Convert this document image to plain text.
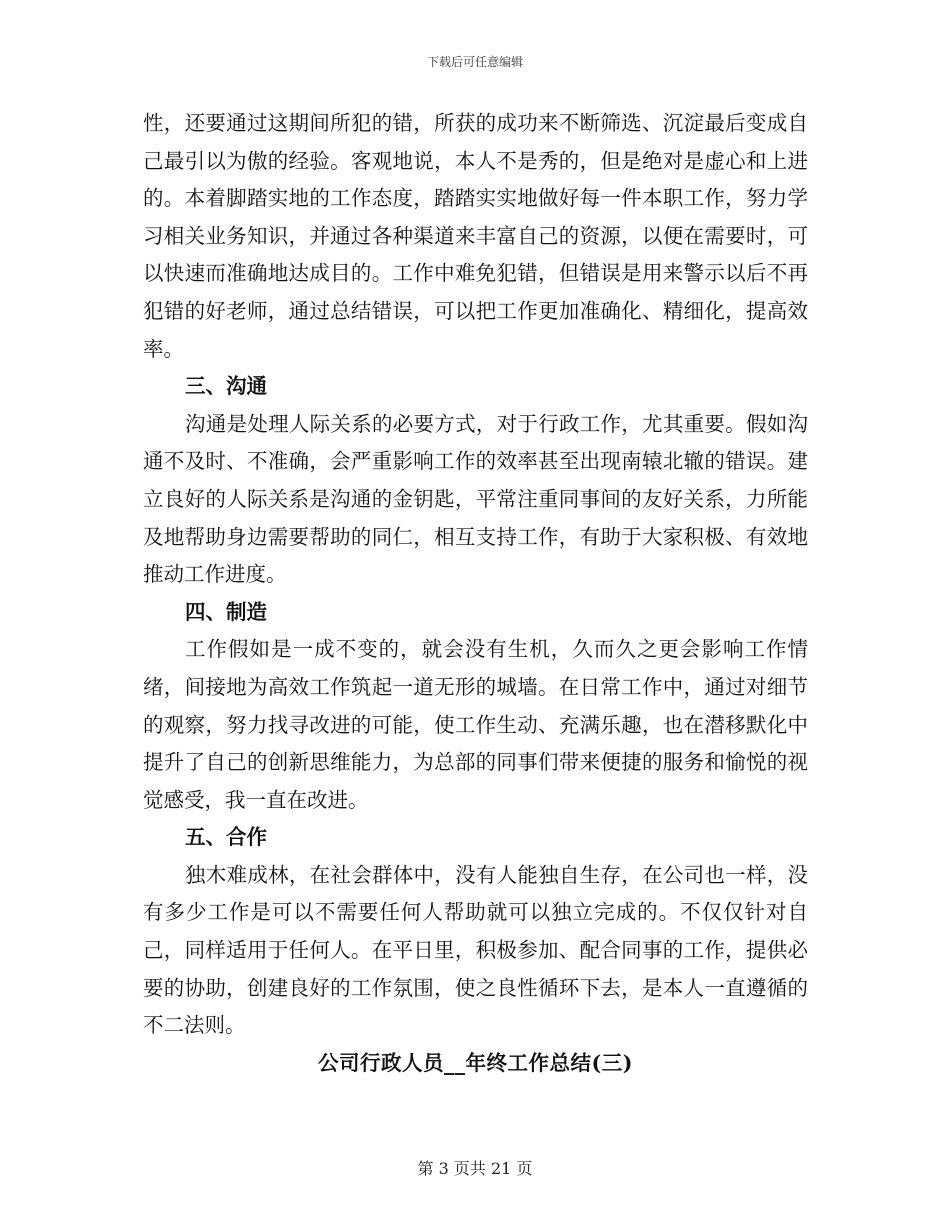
下载后可任意编辑

性，还要通过这期间所犯的错，所获的成功来不断筛选、沉淀最后变成自己最引以为傲的经验。客观地说，本人不是秀的，但是绝对是虚心和上进的。本着脚踏实地的工作态度，踏踏实实地做好每一件本职工作，努力学习相关业务知识，并通过各种渠道来丰富自己的资源，以便在需要时，可以快速而准确地达成目的。工作中难免犯错，但错误是用来警示以后不再犯错的好老师，通过总结错误，可以把工作更加准确化、精细化，提高效率。

三、沟通

沟通是处理人际关系的必要方式，对于行政工作，尤其重要。假如沟通不及时、不准确，会严重影响工作的效率甚至出现南辕北辙的错误。建立良好的人际关系是沟通的金钥匙，平常注重同事间的友好关系，力所能及地帮助身边需要帮助的同仁，相互支持工作，有助于大家积极、有效地推动工作进度。

四、制造

工作假如是一成不变的，就会没有生机，久而久之更会影响工作情绪，间接地为高效工作筑起一道无形的城墙。在日常工作中，通过对细节的观察，努力找寻改进的可能，使工作生动、充满乐趣，也在潜移默化中提升了自己的创新思维能力，为总部的同事们带来便捷的服务和愉悦的视觉感受，我一直在改进。

五、合作

独木难成林，在社会群体中，没有人能独自生存，在公司也一样，没有多少工作是可以不需要任何人帮助就可以独立完成的。不仅仅针对自己，同样适用于任何人。在平日里，积极参加、配合同事的工作，提供必要的协助，创建良好的工作氛围，使之良性循环下去，是本人一直遵循的不二法则。

公司行政人员__年终工作总结(三)

第 3 页共 21 页
